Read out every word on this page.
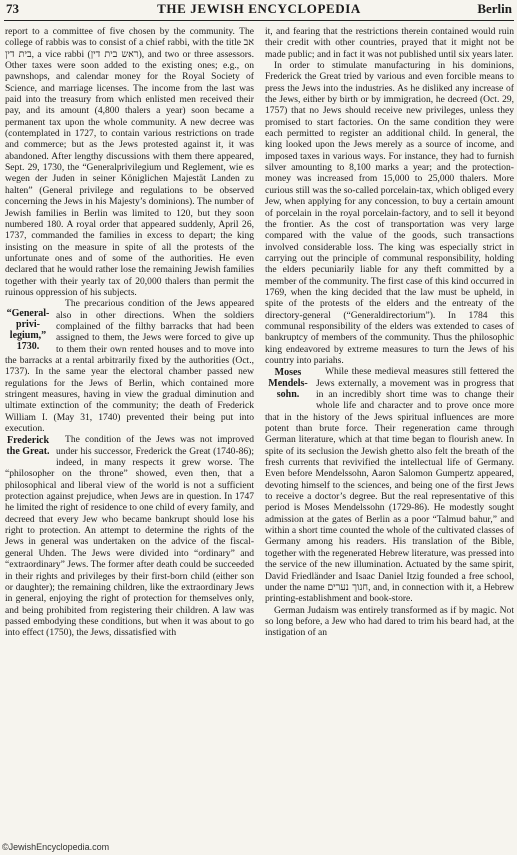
73	THE JEWISH ENCYCLOPEDIA	Berlin

report to a committee of five chosen by the community. The college of rabbis was to consist of a chief rabbi, with the title אב בית דין, a vice rabbi (ראש בית דין), and two or three assessors. Other taxes were soon added to the existing ones; e.g., on pawnshops, and calendar money for the Royal Society of Science, and marriage licenses. The income from the last was paid into the treasury from which enlisted men received their pay, and its amount (4,800 thalers a year) soon became a permanent tax upon the whole community. A new decree was (contemplated in 1727, to contain various restrictions on trade and commerce; but as the Jews protested against it, it was abandoned. After lengthy discussions with them there appeared, Sept. 29, 1730, the “Generalprivilegium und Reglement, wie es wegen der Juden in seiner Königlichen Majestät Landen zu halten” (General privilege and regulations to be observed concerning the Jews in his Majesty’s dominions). The number of Jewish families in Berlin was limited to 120, but they soon numbered 180. A royal order that appeared suddenly, April 26, 1737, commanded the families in excess to depart; the king insisting on the measure in spite of all the protests of the unfortunate ones and of some of the authorities. He even declared that he would rather lose the remaining Jewish families together with their yearly tax of 20,000 thalers than permit the ruinous oppression of his subjects.

“General-privi-legium,” 1730.
The precarious condition of the Jews appeared also in other directions. When the soldiers complained of the filthy barracks that had been assigned to them, the Jews were forced to give up to them their own rented houses and to move into the barracks at a rental arbitrarily fixed by the authorities (Oct., 1737). In the same year the electoral chamber passed new regulations for the Jews of Berlin, which contained more stringent measures, having in view the gradual diminution and ultimate extinction of the community; the death of Frederick William I. (May 31, 1740) prevented their being put into execution.

Frederick the Great.
The condition of the Jews was not improved under his successor, Frederick the Great (1740-86); indeed, in many respects it grew worse. The “philosopher on the throne” showed, even then, that a philosophical and liberal view of the world is not a sufficient protection against prejudice, when Jews are in question. In 1747 he limited the right of residence to one child of every family, and decreed that every Jew who became bankrupt should lose his right to protection. An attempt to determine the rights of the Jews in general was undertaken on the advice of the fiscal-general Uhden. The Jews were divided into “ordinary” and “extraordinary” Jews. The former after death could be succeeded in their rights and privileges by their first-born child (either son or daughter); the remaining children, like the extraordinary Jews in general, enjoying the right of protection for themselves only, and being prohibited from registering their children. A law was passed embodying these conditions, but when it was about to go into effect (1750), the Jews, dissatisfied with

it, and fearing that the restrictions therein contained would ruin their credit with other countries, prayed that it might not be made public; and in fact it was not published until six years later.

In order to stimulate manufacturing in his dominions, Frederick the Great tried by various and even forcible means to press the Jews into the industries. As he disliked any increase of the Jews, either by birth or by immigration, he decreed (Oct. 29, 1757) that no Jews should receive new privileges, unless they promised to start factories. On the same condition they were each permitted to register an additional child. In general, the king looked upon the Jews merely as a source of income, and imposed taxes in various ways. For instance, they had to furnish silver amounting to 8,100 marks a year; and the protection-money was increased from 15,000 to 25,000 thalers. More curious still was the so-called porcelain-tax, which obliged every Jew, when applying for any concession, to buy a certain amount of porcelain in the royal porcelain-factory, and to sell it beyond the frontier. As the cost of transportation was very large compared with the value of the goods, such transactions involved considerable loss. The king was especially strict in carrying out the principle of communal responsibility, holding the elders pecuniarily liable for any theft committed by a member of the community. The first case of this kind occurred in 1769, when the king decided that the law must be upheld, in spite of the protests of the elders and the entreaty of the directory-general (“Generaldirectorium”). In 1784 this communal responsibility of the elders was extended to cases of bankruptcy of members of the community. Thus the philosophic king endeavored by extreme measures to turn the Jews of his country into pariahs.

Moses Mendels-sohn.
While these medieval measures still fettered the Jews externally, a movement was in progress that in an incredibly short time was to change their whole life and character and to prove once more that in the history of the Jews spiritual influences are more potent than brute force. Their regeneration came through German literature, which at that time began to flourish anew. In spite of its seclusion the Jewish ghetto also felt the breath of the fresh currents that revivified the intellectual life of Germany. Even before Mendelssohn, Aaron Salomon Gumpertz appeared, devoting himself to the sciences, and being one of the first Jews to receive a doctor’s degree. But the real representative of this period is Moses Mendelssohn (1729-86). He modestly sought admission at the gates of Berlin as a poor “Talmud bahur,” and within a short time counted the whole of the cultivated classes of Germany among his readers. His translation of the Bible, together with the regenerated Hebrew literature, was pressed into the service of the new illumination. Actuated by the same spirit, David Friedländer and Isaac Daniel Itzig founded a free school, under the name חנוך נערים, and, in connection with it, a Hebrew printing-establishment and book-store.

German Judaism was entirely transformed as if by magic. Not so long before, a Jew who had dared to trim his beard had, at the instigation of an

©JewishEncyclopedia.com
